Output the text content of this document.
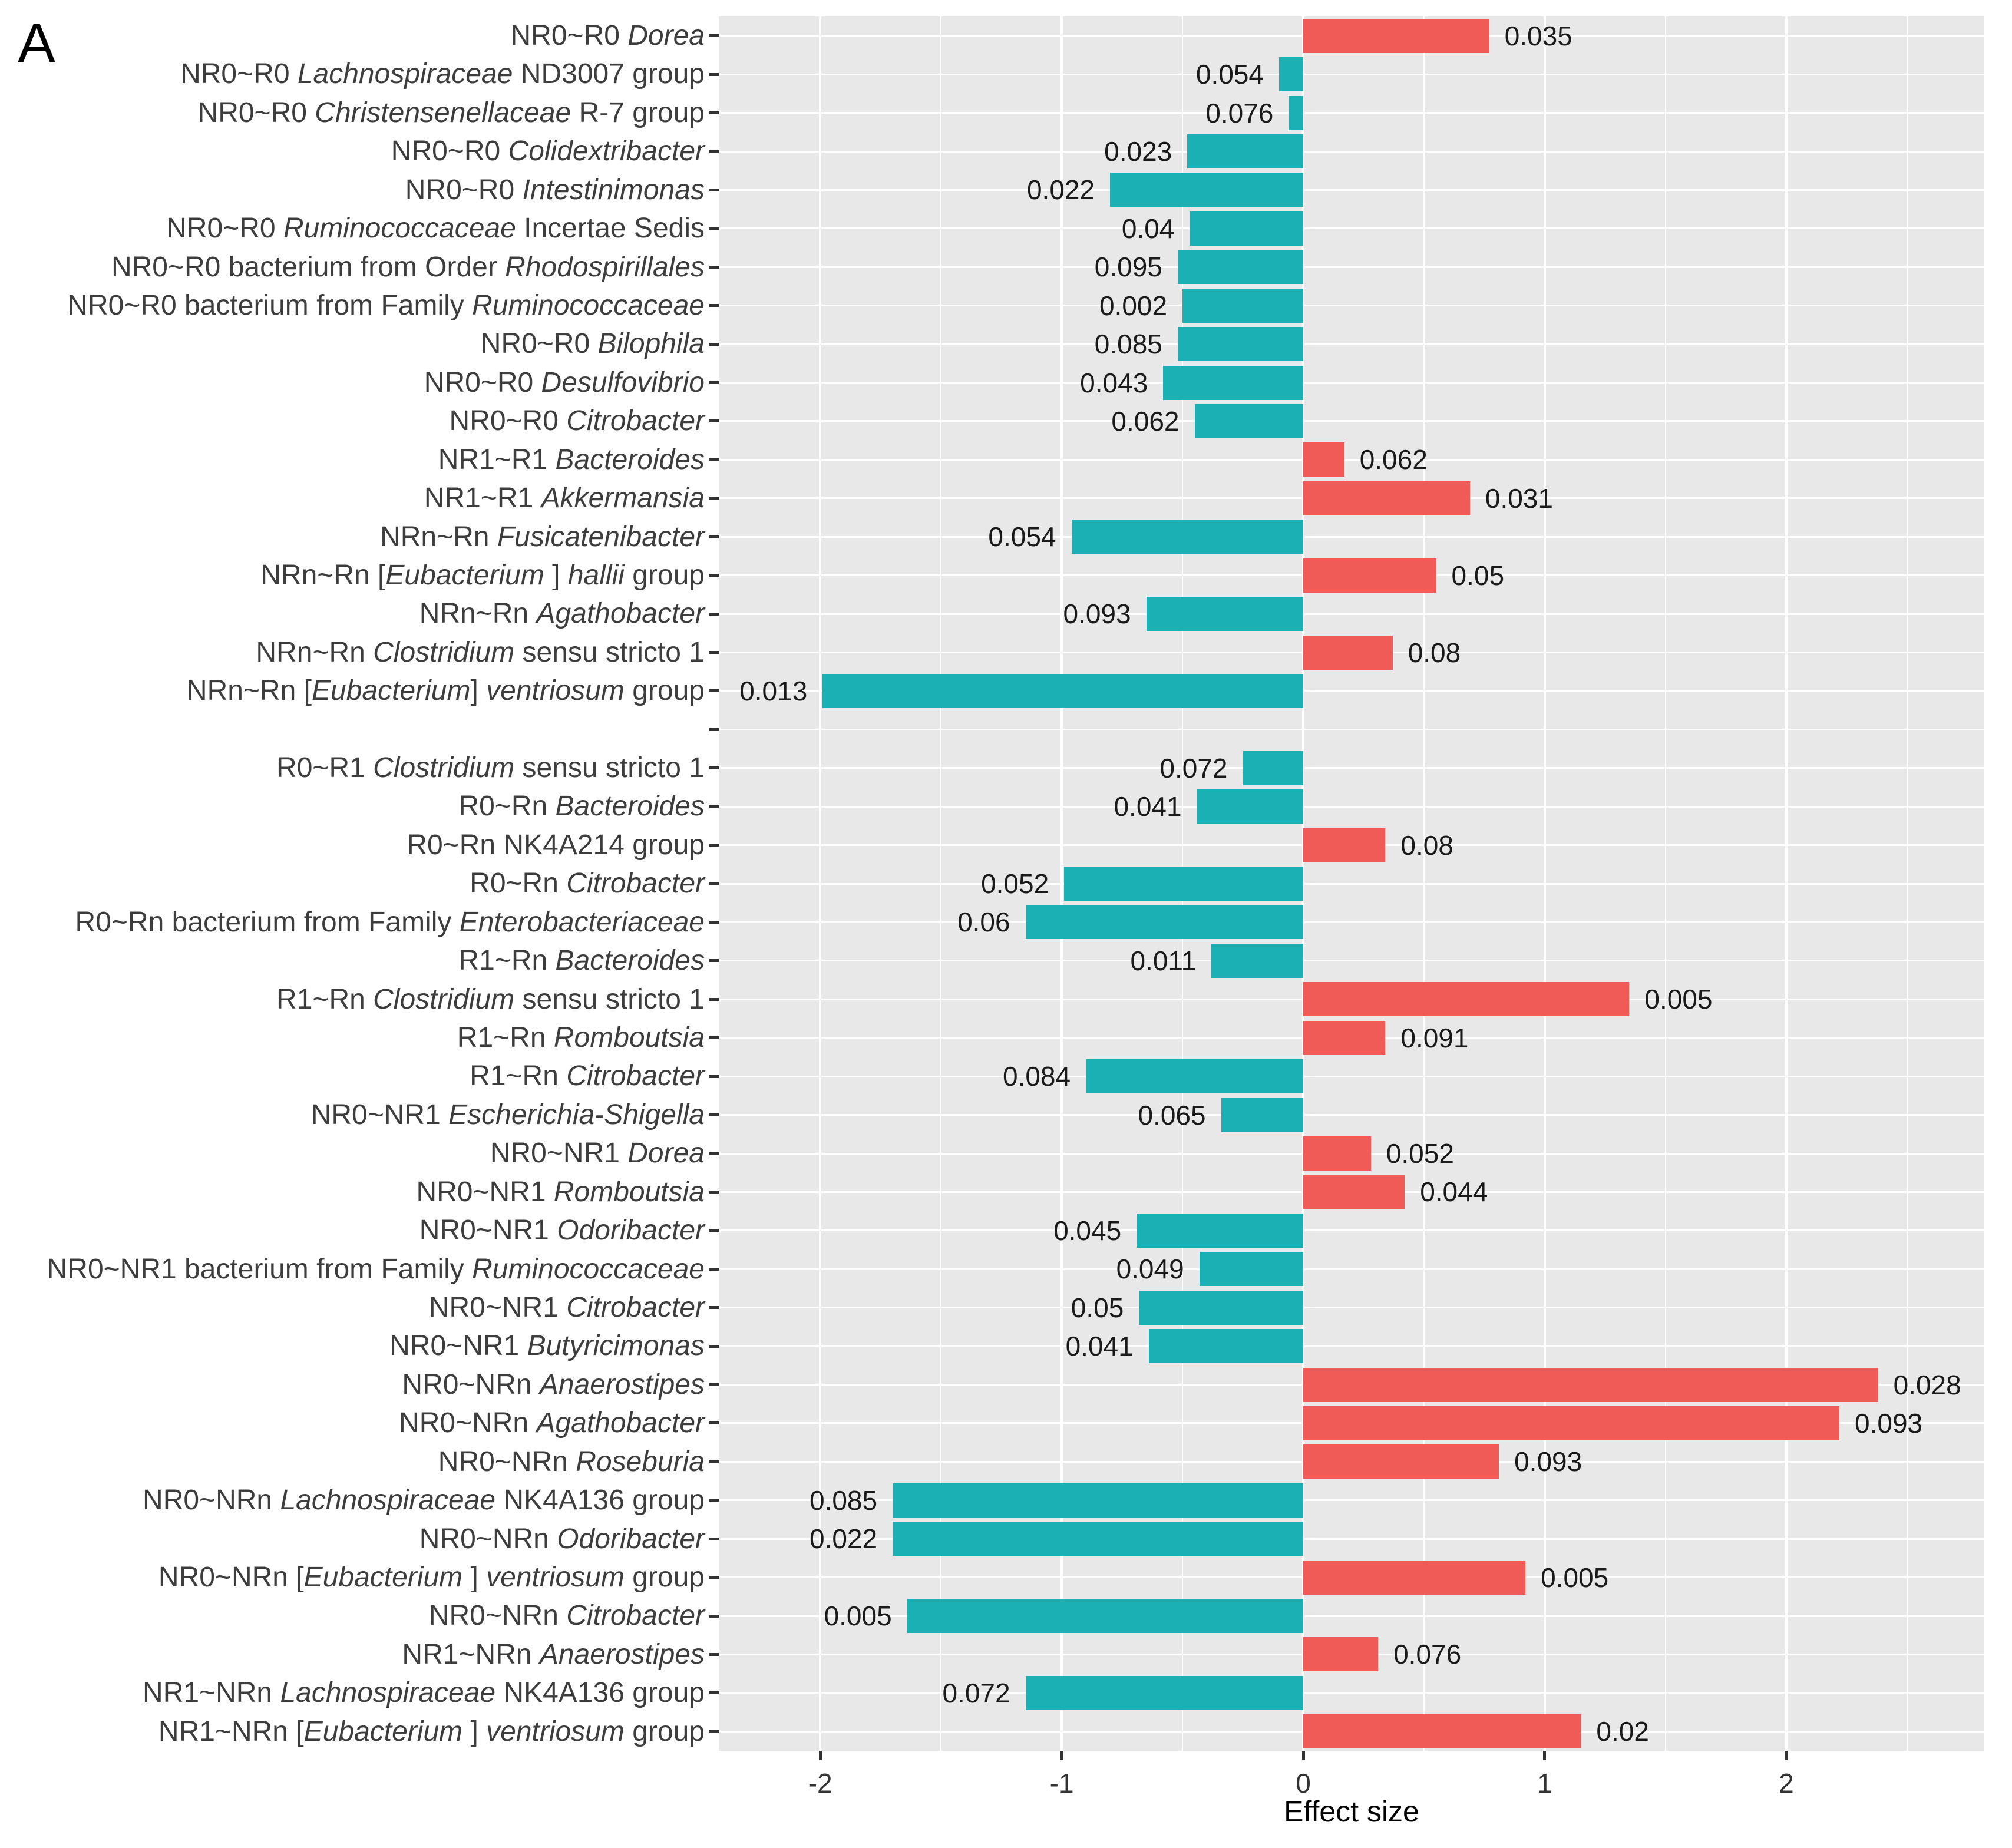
A	NR0~R0 Dorea	0.035
NR0~R0 Lachnospiraceae ND3007 group	0.054
NR0~R0 Christensenellaceae R-7 group	0.076
NR0~R0 Colidextribacter	0.023
NR0~R0 Intestinimonas	0.022
NR0~R0 Ruminococcaceae Incertae Sedis	0.04
NR0~R0 bacterium from Order Rhodospirillales	0.095
NR0~R0 bacterium from Family Ruminococcaceae	0.002
NR0~R0 Bilophila	0.085
NR0~R0 Desulfovibrio	0.043
NR0~R0 Citrobacter	0.062
NR1~R1 Bacteroides	0.062
NR1~R1 Akkermansia	0.031
NRn~Rn Fusicatenibacter	0.054
NRn~Rn [Eubacterium ] hallii group	0.05
NRn~Rn Agathobacter	0.093
NRn~Rn Clostridium sensu stricto 1	0.08
NRn~Rn [Eubacterium] ventriosum group 0.013
R0~R1 Clostridium sensu stricto 1	0.072
R0~Rn Bacteroides	0.041
R0~Rn NK4A214 group	0.08
R0~Rn Citrobacter	0.052
R0~Rn bacterium from Family Enterobacteriaceae	0.06
R1~Rn Bacteroides	0.011
R1~Rn Clostridium sensu stricto 1	0.005
R1~Rn Romboutsia	0.091
R1~Rn Citrobacter	0.084
NR0~NR1 Escherichia-Shigella	0.065
NR0~NR1 Dorea	0.052
NR0~NR1 Romboutsia	0.044
NR0~NR1 Odoribacter	0.045
NR0~NR1 bacterium from Family Ruminococcaceae	0.049
NR0~NR1 Citrobacter	0.05
NR0~NR1 Butyricimonas	0.041
NR0~NRn Anaerostipes	0.028
NR0~NRn Agathobacter	0.093
NR0~NRn Roseburia	0.093
NR0~NRn Lachnospiraceae NK4A136 group	0.085
NR0~NRn Odoribacter	0.022
NR0~NRn [Eubacterium ] ventriosum group	0.005
NR0~NRn Citrobacter	0.005
NR1~NRn Anaerostipes	0.076
NR1~NRn Lachnospiraceae NK4A136 group	0.072
NR1~NRn [Eubacterium ] ventriosum group	0.02
-2	-1	0	1	2
Effect size
